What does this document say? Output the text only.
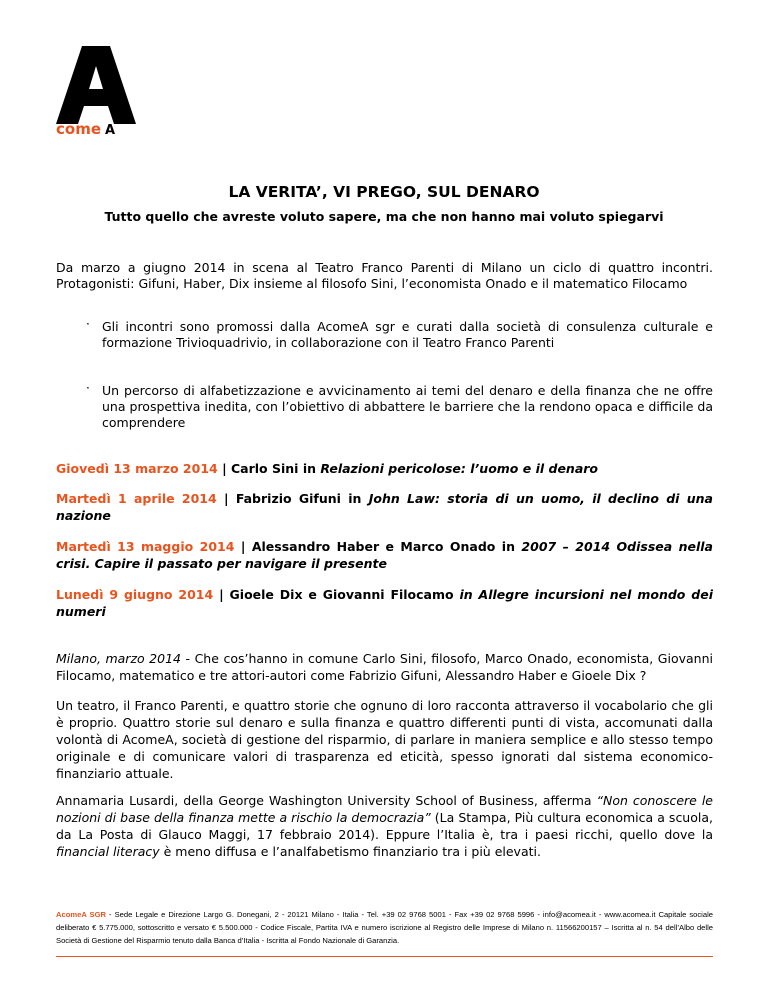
come A
LA VERITA’, VI PREGO, SUL DENARO
Tutto quello che avreste voluto sapere, ma che non hanno mai voluto spiegarvi
Da marzo a giugno 2014 in scena al Teatro Franco Parenti di Milano un ciclo di quattro incontri. Protagonisti: Gifuni, Haber, Dix insieme al filosofo Sini, l’economista Onado e il matematico Filocamo
· Gli incontri sono promossi dalla AcomeA sgr e curati dalla società di consulenza culturale e formazione Trivioquadrivio, in collaborazione con il Teatro Franco Parenti
· Un percorso di alfabetizzazione e avvicinamento ai temi del denaro e della finanza che ne offre una prospettiva inedita, con l’obiettivo di abbattere le barriere che la rendono opaca e difficile da comprendere
Giovedì 13 marzo 2014 | Carlo Sini in Relazioni pericolose: l’uomo e il denaro
Martedì 1 aprile 2014 | Fabrizio Gifuni in John Law: storia di un uomo, il declino di una nazione
Martedì 13 maggio 2014 | Alessandro Haber e Marco Onado in 2007 – 2014 Odissea nella crisi. Capire il passato per navigare il presente
Lunedì 9 giugno 2014 | Gioele Dix e Giovanni Filocamo in Allegre incursioni nel mondo dei numeri
Milano, marzo 2014 - Che cos’hanno in comune Carlo Sini, filosofo, Marco Onado, economista, Giovanni Filocamo, matematico e tre attori-autori come Fabrizio Gifuni, Alessandro Haber e Gioele Dix ?
Un teatro, il Franco Parenti, e quattro storie che ognuno di loro racconta attraverso il vocabolario che gli è proprio. Quattro storie sul denaro e sulla finanza e quattro differenti punti di vista, accomunati dalla volontà di AcomeA, società di gestione del risparmio, di parlare in maniera semplice e allo stesso tempo originale e di comunicare valori di trasparenza ed eticità, spesso ignorati dal sistema economico-finanziario attuale.
Annamaria Lusardi, della George Washington University School of Business, afferma “Non conoscere le nozioni di base della finanza mette a rischio la democrazia” (La Stampa, Più cultura economica a scuola, da La Posta di Glauco Maggi, 17 febbraio 2014). Eppure l’Italia è, tra i paesi ricchi, quello dove la financial literacy è meno diffusa e l’analfabetismo finanziario tra i più elevati.
AcomeA SGR - Sede Legale e Direzione Largo G. Donegani, 2 - 20121 Milano - Italia - Tel. +39 02 9768 5001 - Fax +39 02 9768 5996 - info@acomea.it - www.acomea.it Capitale sociale deliberato € 5.775.000, sottoscritto e versato € 5.500.000 - Codice Fiscale, Partita IVA e numero iscrizione al Registro delle Imprese di Milano n. 11566200157 – Iscritta al n. 54 dell’Albo delle Società di Gestione del Risparmio tenuto dalla Banca d’Italia - Iscritta al Fondo Nazionale di Garanzia.
